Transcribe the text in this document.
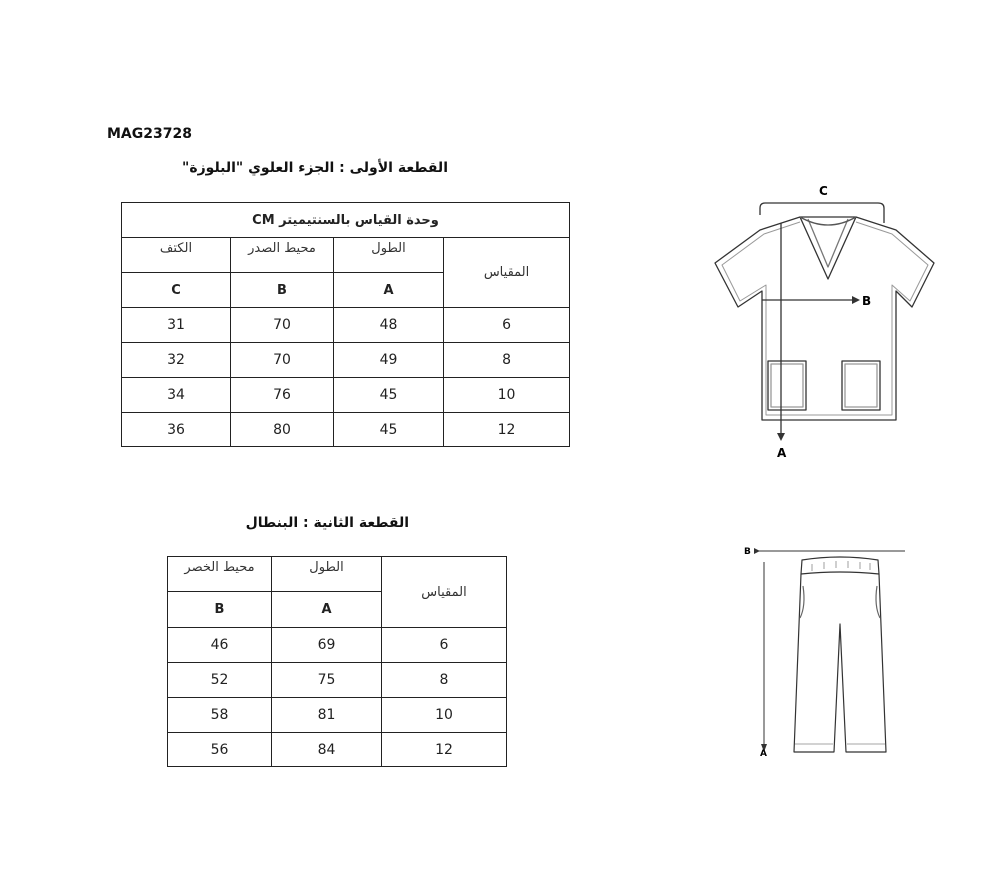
MAG23728
القطعة الأولى : الجزء العلوي "البلوزة"
وحدة القياس بالسنتيميتر CM			
الكتف	محيط الصدر	الطول	المقياس
C	B	A	
31	70	48	6
32	70	49	8
34	76	45	10
36	80	45	12
القطعة الثانية : البنطال
محيط الخصر	الطول	المقياس
B	A	
46	69	6
52	75	8
58	81	10
56	84	12
C
B
A
B
A
